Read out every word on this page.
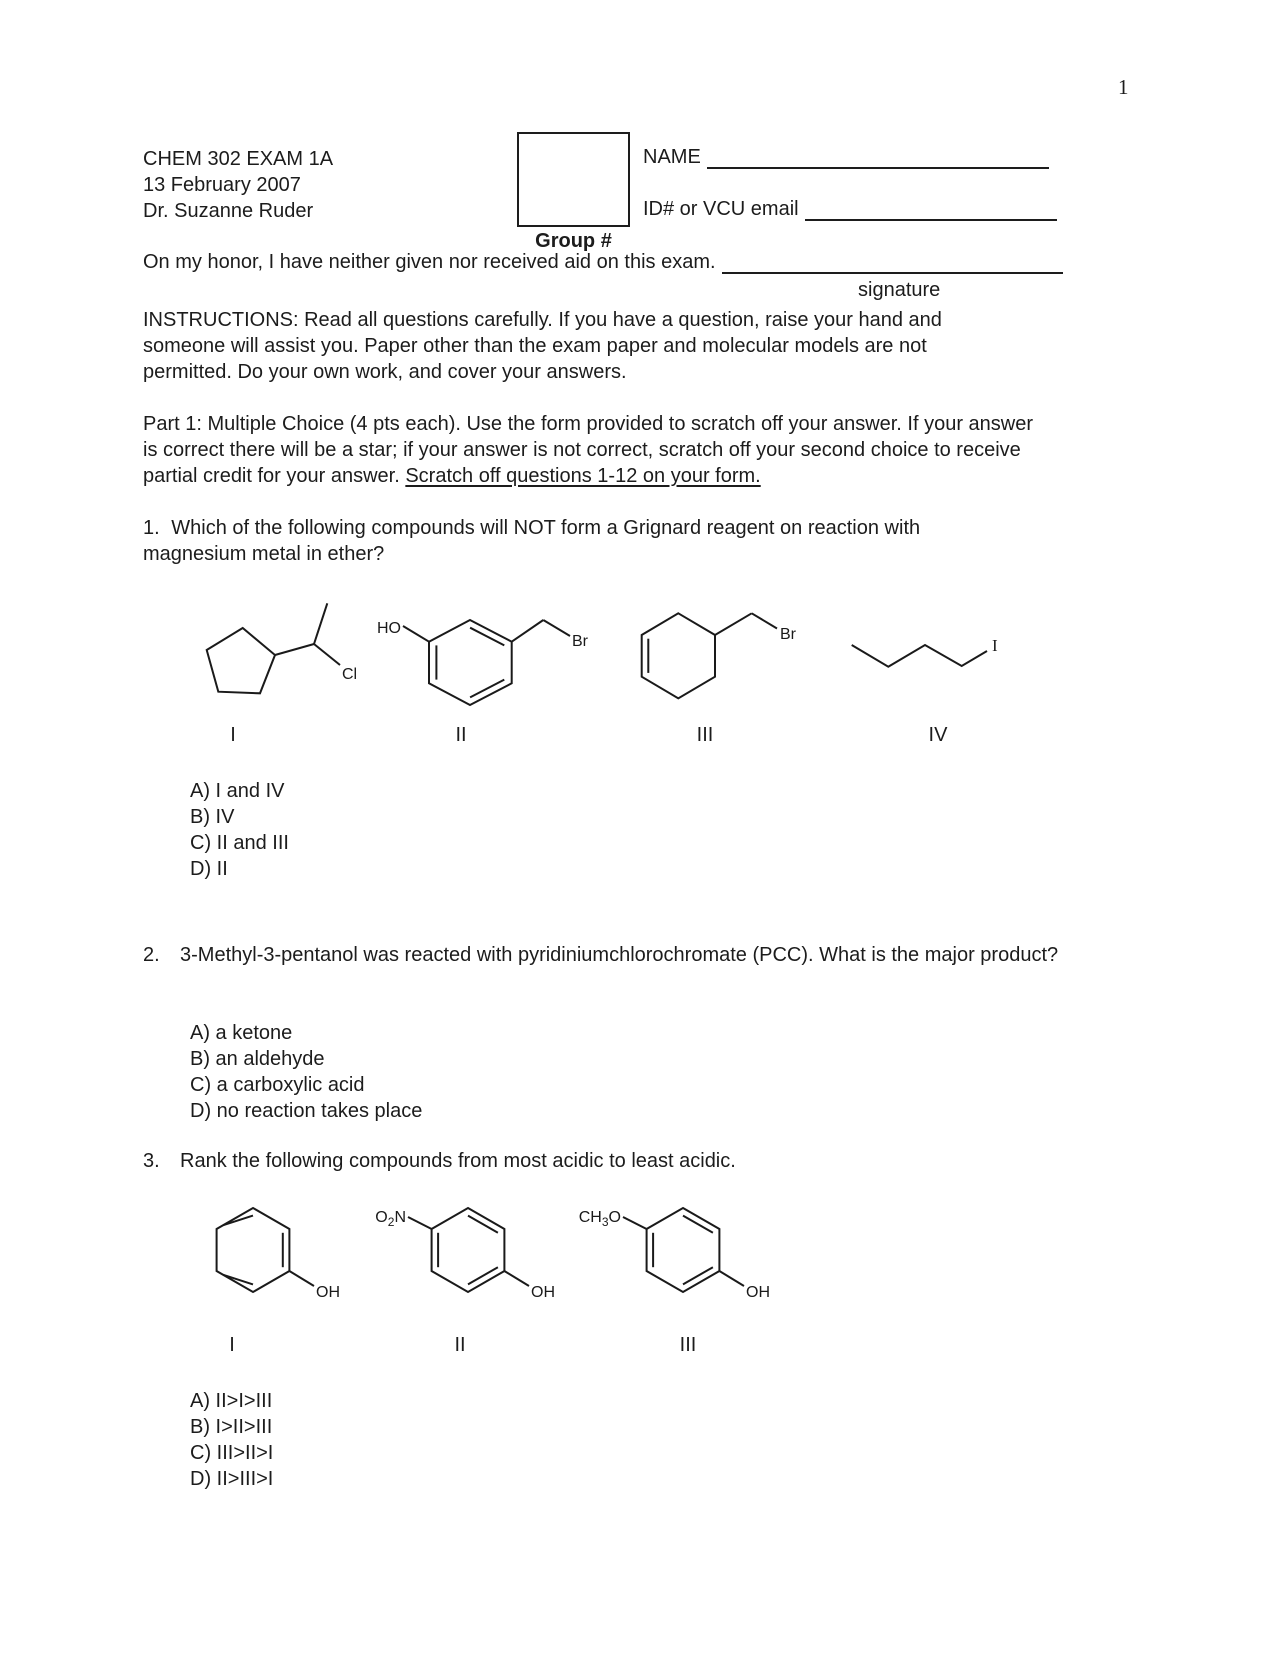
1
CHEM 302 EXAM 1A
13 February 2007
Dr. Suzanne Ruder
Group #
NAME
ID# or VCU email
On my honor, I have neither given nor received aid on this exam.
signature
INSTRUCTIONS: Read all questions carefully. If you have a question, raise your hand and someone will assist you. Paper other than the exam paper and molecular models are not permitted. Do your own work, and cover your answers.
Part 1: Multiple Choice (4 pts each). Use the form provided to scratch off your answer. If your answer is correct there will be a star; if your answer is not correct, scratch off your second choice to receive partial credit for your answer. Scratch off questions 1-12 on your form.
1. Which of the following compounds will NOT form a Grignard reagent on reaction with magnesium metal in ether?
Cl
HO
Br	Br
I
I	II	III	IV
A) I and IV
B) IV
C) II and III
D) II
2.	3-Methyl-3-pentanol was reacted with pyridiniumchlorochromate (PCC). What is the major product?
A) a ketone
B) an aldehyde
C) a carboxylic acid
D) no reaction takes place
3.	Rank the following compounds from most acidic to least acidic.
OH
$O_2N$
OH
$CH_3O$
OH
I	II	III
A) II>I>III
B) I>II>III
C) III>II>I
D) II>III>I
